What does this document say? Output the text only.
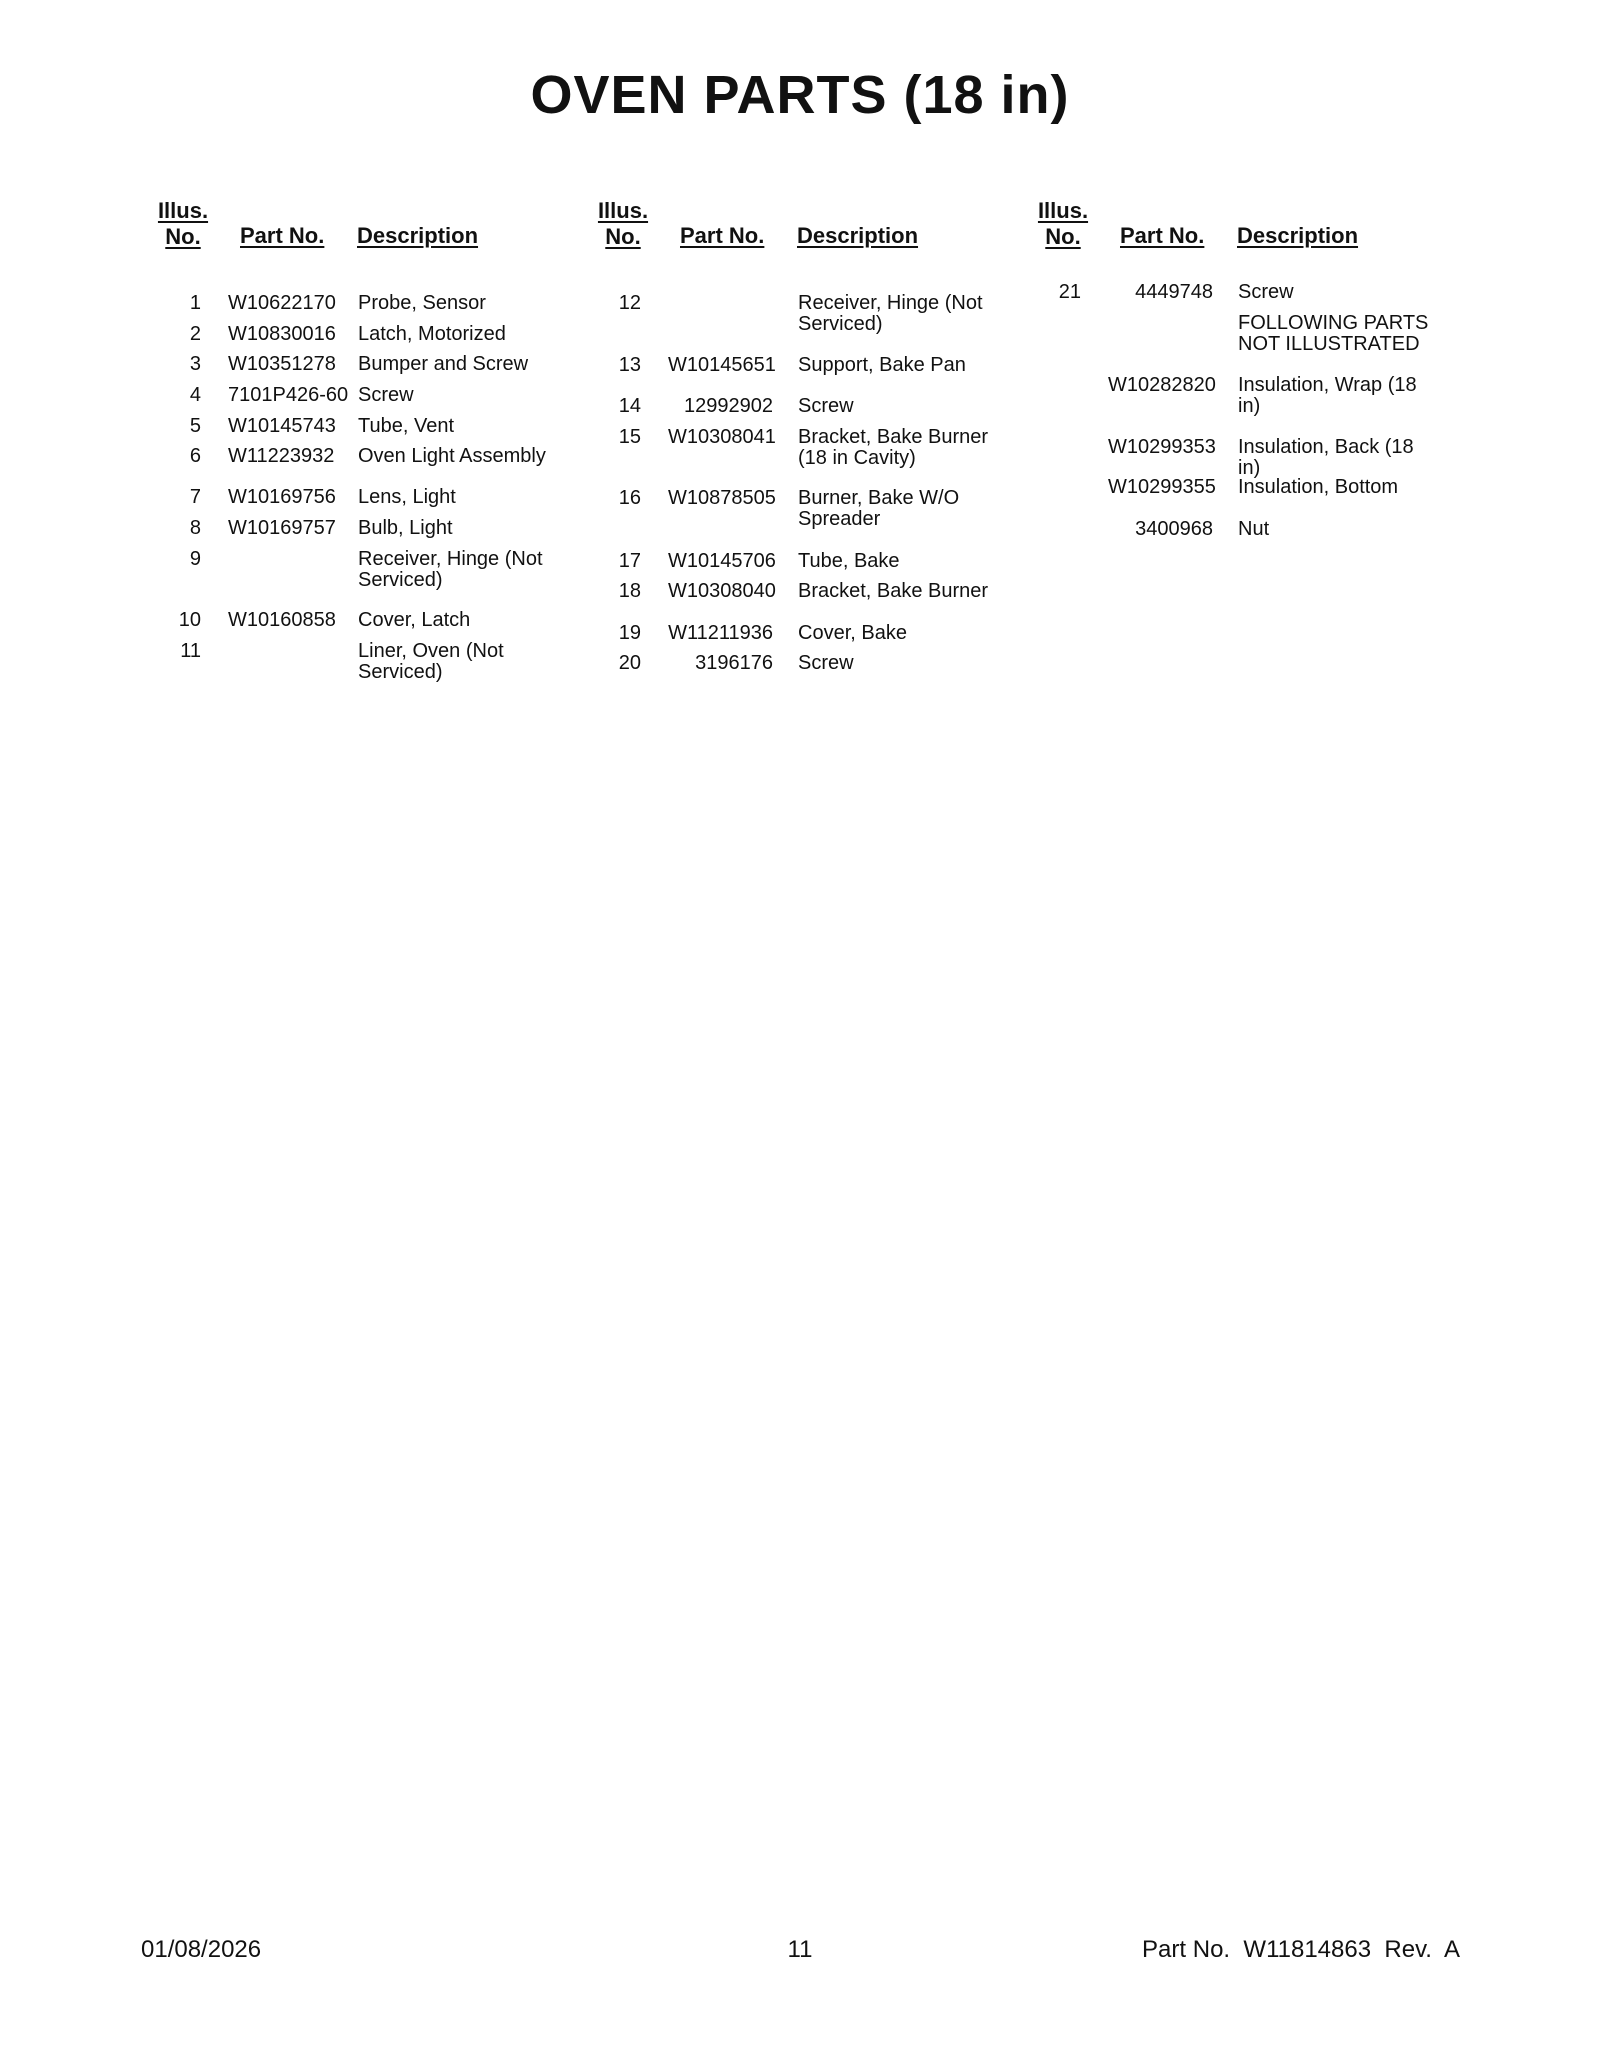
OVEN PARTS (18 in)
Illus.
No.	Part No. Description
1 W10622170 Probe, Sensor
2 W10830016 Latch, Motorized
3 W10351278 Bumper and Screw
4 7101P426-60 Screw
5 W10145743 Tube, Vent
6 W11223932 Oven Light Assembly
7 W10169756 Lens, Light
8 W10169757 Bulb, Light
9	Receiver, Hinge (Not Serviced)
10 W10160858 Cover, Latch
11	Liner, Oven (Not Serviced)
Illus.
No.	Part No. Description
12	Receiver, Hinge (Not Serviced)
13 W10145651 Support, Bake Pan
14	12992902 Screw
15 W10308041 Bracket, Bake Burner (18 in Cavity)
16 W10878505 Burner, Bake W/O Spreader
17 W10145706 Tube, Bake
18 W10308040 Bracket, Bake Burner
19 W11211936 Cover, Bake
20	3196176 Screw
Illus.
No.	Part No. Description
21	4449748 Screw
FOLLOWING PARTS NOT ILLUSTRATED
W10282820 Insulation, Wrap (18 in)
W10299353 Insulation, Back (18 in)
W10299355 Insulation, Bottom
3400968 Nut
01/08/2026	11	Part No.  W11814863  Rev.  A
